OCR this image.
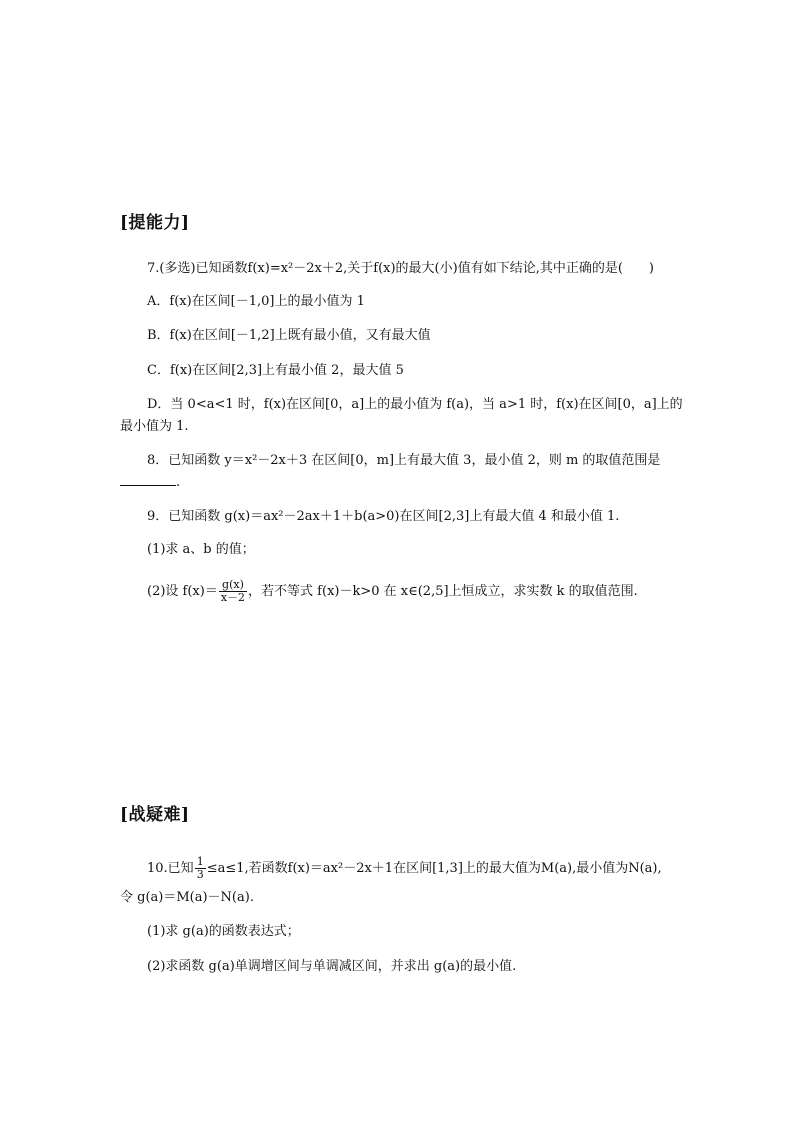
[提能力]
7.(多选)已知函数f(x)=x²－2x＋2,关于f(x)的最大(小)值有如下结论,其中正确的是(　　)
A．f(x)在区间[－1,0]上的最小值为 1
B．f(x)在区间[－1,2]上既有最小值，又有最大值
C．f(x)在区间[2,3]上有最小值 2，最大值 5
D．当 0<a<1 时，f(x)在区间[0，a]上的最小值为 f(a)，当 a>1 时，f(x)在区间[0，a]上的
最小值为 1.
8．已知函数 y＝x²－2x＋3 在区间[0，m]上有最大值 3，最小值 2，则 m 的取值范围是
.
9．已知函数 g(x)＝ax²－2ax＋1＋b(a>0)在区间[2,3]上有最大值 4 和最小值 1.
(1)求 a、b 的值；
(2)设 $f(x)= \frac{g(x)}{x-2}$ ，若不等式 f(x)－k>0 在 x∈(2,5]上恒成立，求实数 k 的取值范围.
[战疑难]
10.已知 $\frac{1}{3} \le a\le 1$,若函数f(x)＝ax²－2x＋1在区间[1,3]上的最大值为M(a),最小值为N(a),
令 g(a)＝M(a)－N(a).
(1)求 g(a)的函数表达式；
(2)求函数 g(a)单调增区间与单调减区间，并求出 g(a)的最小值.
